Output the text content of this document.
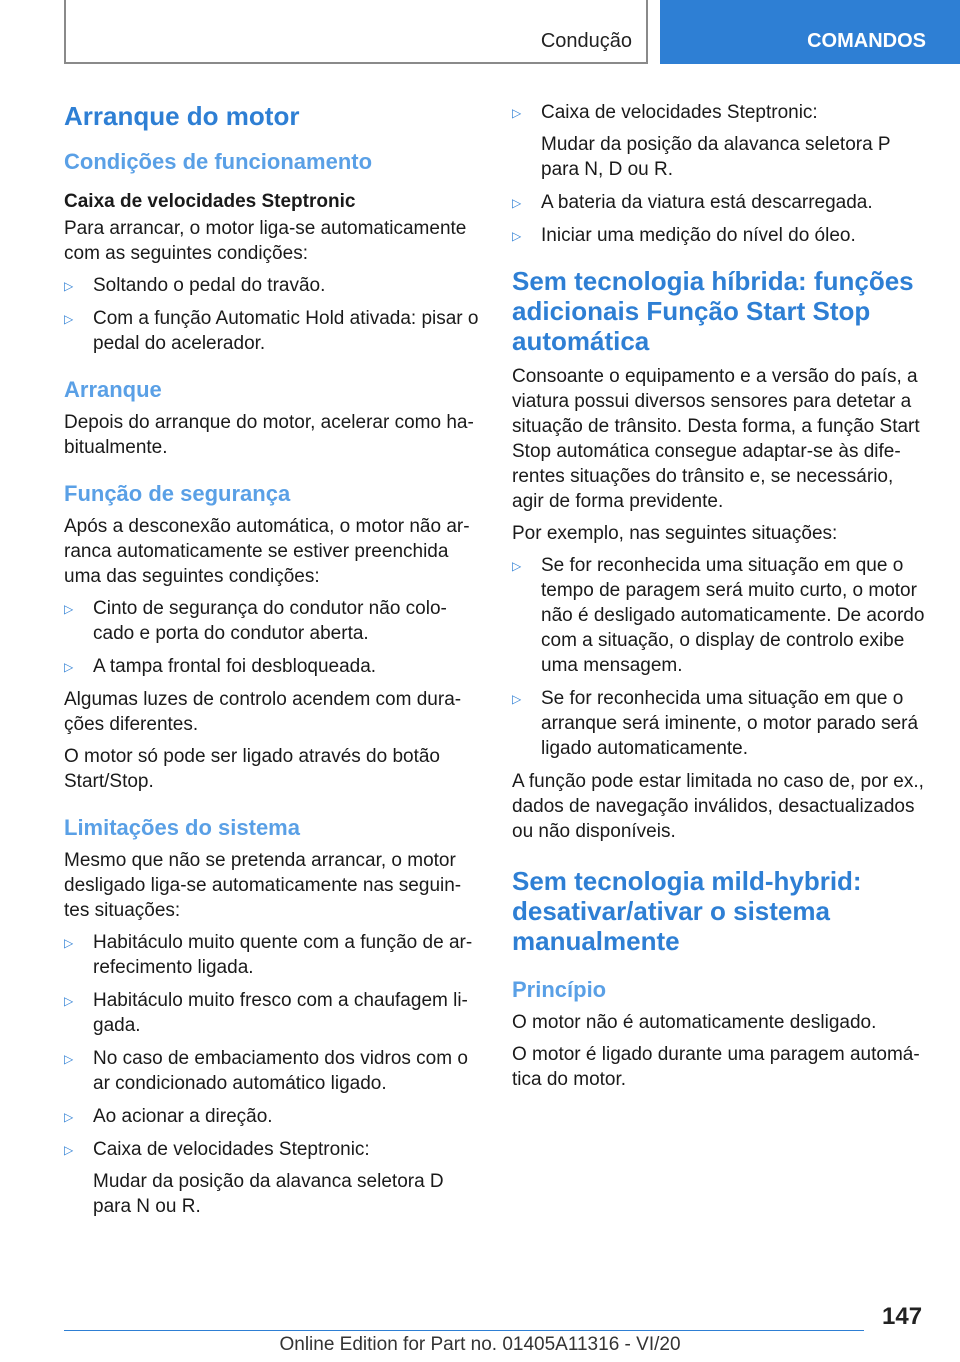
Condução	COMANDOS
Arranque do motor
Condições de funcionamento
Caixa de velocidades Steptronic

Para arrancar, o motor liga-se automaticamente com as seguintes condições:

▷ Soltando o pedal do travão.
▷ Com a função Automatic Hold ativada: pisar o pedal do acelerador.
Arranque

Depois do arranque do motor, acelerar como ha-bitualmente.

Função de segurança

Após a desconexão automática, o motor não ar-ranca automaticamente se estiver preenchida uma das seguintes condições:

▷ Cinto de segurança do condutor não colo-cado e porta do condutor aberta.
▷ A tampa frontal foi desbloqueada.

Algumas luzes de controlo acendem com dura-ções diferentes.

O motor só pode ser ligado através do botão Start/Stop.

Limitações do sistema

Mesmo que não se pretenda arrancar, o motor desligado liga-se automaticamente nas seguin-tes situações:

▷ Habitáculo muito quente com a função de ar-refecimento ligada.
▷ Habitáculo muito fresco com a chaufagem li-gada.
▷ No caso de embaciamento dos vidros com o ar condicionado automático ligado.
▷ Ao acionar a direção.
▷ Caixa de velocidades Steptronic:
Mudar da posição da alavanca seletora D para N ou R.
▷ Caixa de velocidades Steptronic:
Mudar da posição da alavanca seletora P para N, D ou R.
▷ A bateria da viatura está descarregada.
▷ Iniciar uma medição do nível do óleo.
Sem tecnologia híbrida: funções adicionais Função Start Stop automática

Consoante o equipamento e a versão do país, a viatura possui diversos sensores para detetar a situação de trânsito. Desta forma, a função Start Stop automática consegue adaptar-se às dife-rentes situações do trânsito e, se necessário, agir de forma previdente.

Por exemplo, nas seguintes situações:

▷ Se for reconhecida uma situação em que o tempo de paragem será muito curto, o motor não é desligado automaticamente. De acordo com a situação, o display de controlo exibe uma mensagem.
▷ Se for reconhecida uma situação em que o arranque será iminente, o motor parado será ligado automaticamente.

A função pode estar limitada no caso de, por ex., dados de navegação inválidos, desactualizados ou não disponíveis.

Sem tecnologia mild-hybrid: desativar/ativar o sistema manualmente
Princípio

O motor não é automaticamente desligado.

O motor é ligado durante uma paragem automá-tica do motor.

147
Online Edition for Part no. 01405A11316 - VI/20
